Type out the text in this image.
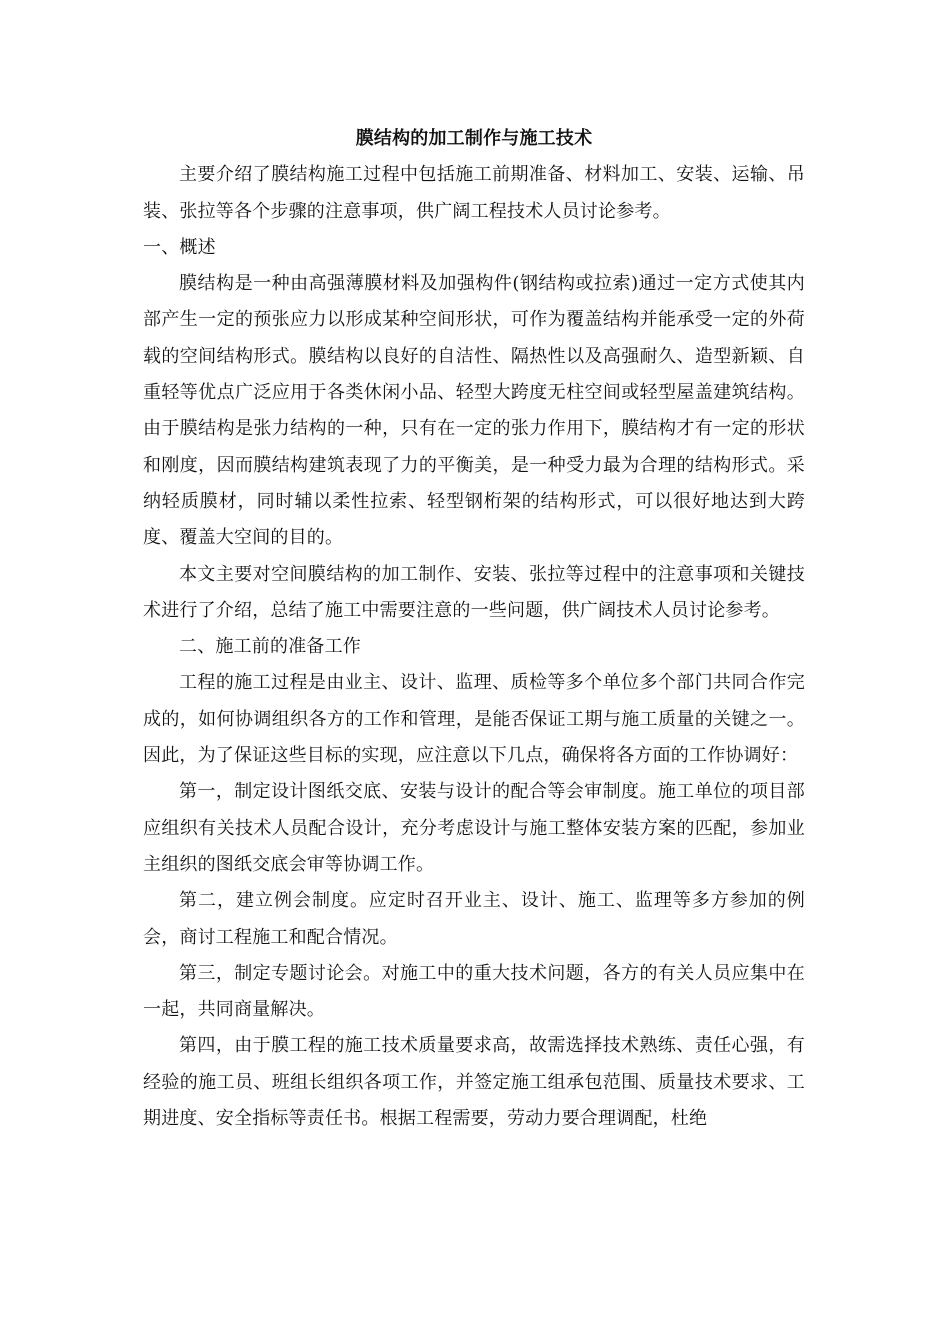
膜结构的加工制作与施工技术

主要介绍了膜结构施工过程中包括施工前期准备、材料加工、安装、运输、吊装、张拉等各个步骤的注意事项，供广阔工程技术人员讨论参考。

一、概述

膜结构是一种由高强薄膜材料及加强构件(钢结构或拉索)通过一定方式使其内部产生一定的预张应力以形成某种空间形状，可作为覆盖结构并能承受一定的外荷载的空间结构形式。膜结构以良好的自洁性、隔热性以及高强耐久、造型新颖、自重轻等优点广泛应用于各类休闲小品、轻型大跨度无柱空间或轻型屋盖建筑结构。由于膜结构是张力结构的一种，只有在一定的张力作用下，膜结构才有一定的形状和刚度，因而膜结构建筑表现了力的平衡美，是一种受力最为合理的结构形式。采纳轻质膜材，同时辅以柔性拉索、轻型钢桁架的结构形式，可以很好地达到大跨度、覆盖大空间的目的。

本文主要对空间膜结构的加工制作、安装、张拉等过程中的注意事项和关键技术进行了介绍，总结了施工中需要注意的一些问题，供广阔技术人员讨论参考。

二、施工前的准备工作

工程的施工过程是由业主、设计、监理、质检等多个单位多个部门共同合作完成的，如何协调组织各方的工作和管理，是能否保证工期与施工质量的关键之一。因此，为了保证这些目标的实现，应注意以下几点，确保将各方面的工作协调好：

第一，制定设计图纸交底、安装与设计的配合等会审制度。施工单位的项目部应组织有关技术人员配合设计，充分考虑设计与施工整体安装方案的匹配，参加业主组织的图纸交底会审等协调工作。

第二，建立例会制度。应定时召开业主、设计、施工、监理等多方参加的例会，商讨工程施工和配合情况。

第三，制定专题讨论会。对施工中的重大技术问题，各方的有关人员应集中在一起，共同商量解决。

第四，由于膜工程的施工技术质量要求高，故需选择技术熟练、责任心强，有经验的施工员、班组长组织各项工作，并签定施工组承包范围、质量技术要求、工期进度、安全指标等责任书。根据工程需要，劳动力要合理调配，杜绝
